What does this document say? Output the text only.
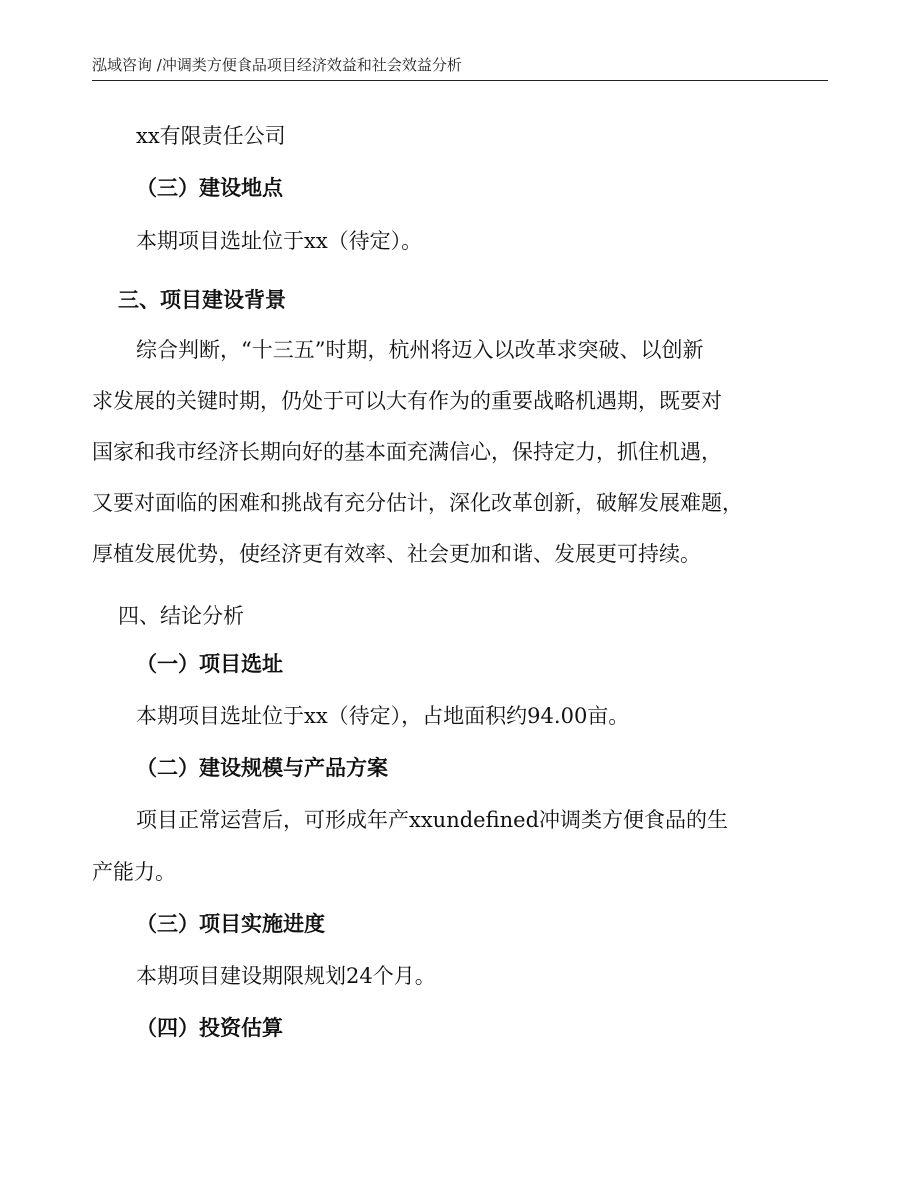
泓域咨询 /冲调类方便食品项目经济效益和社会效益分析
xx有限责任公司
（三）建设地点
本期项目选址位于xx（待定）。
三、项目建设背景
综合判断，“十三五”时期，杭州将迈入以改革求突破、以创新
求发展的关键时期，仍处于可以大有作为的重要战略机遇期，既要对
国家和我市经济长期向好的基本面充满信心，保持定力，抓住机遇，
又要对面临的困难和挑战有充分估计，深化改革创新，破解发展难题，
厚植发展优势，使经济更有效率、社会更加和谐、发展更可持续。
四、结论分析
（一）项目选址
本期项目选址位于xx（待定），占地面积约94.00亩。
（二）建设规模与产品方案
项目正常运营后，可形成年产xxundefined冲调类方便食品的生
产能力。
（三）项目实施进度
本期项目建设期限规划24个月。
（四）投资估算
